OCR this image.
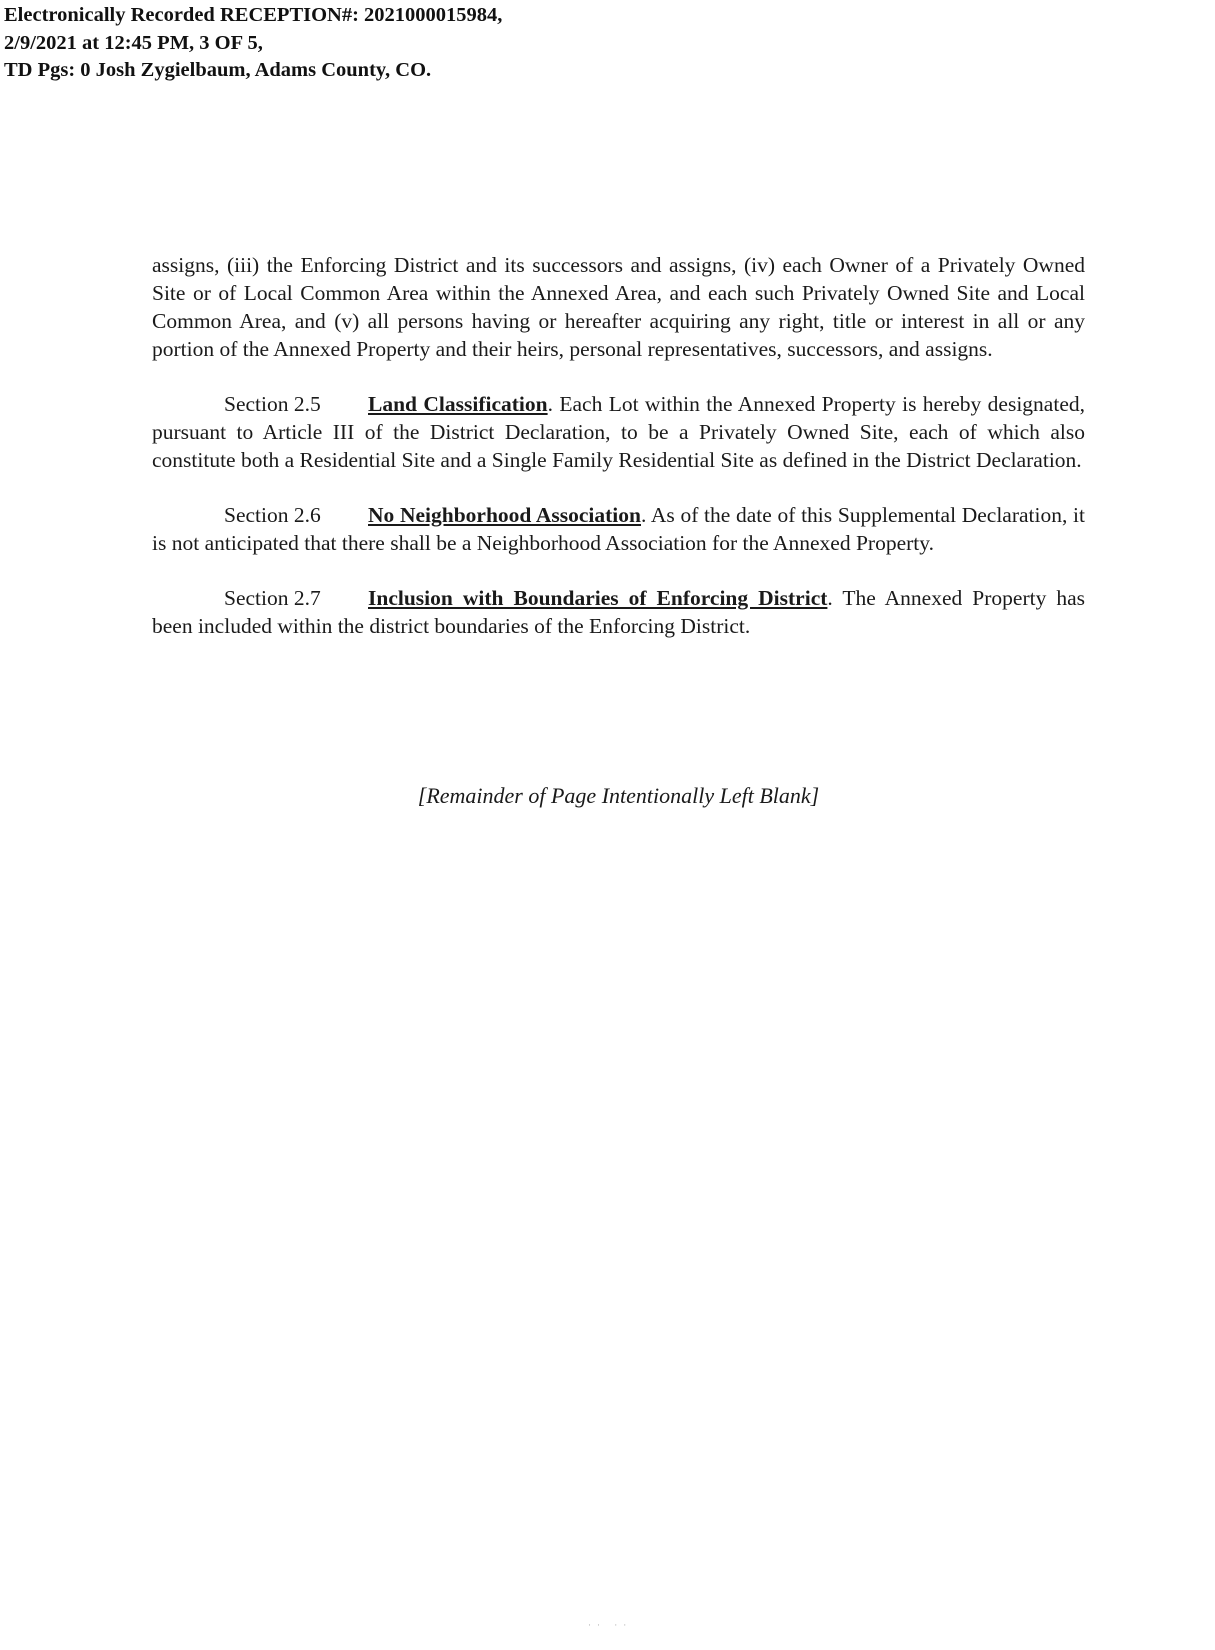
Electronically Recorded RECEPTION#: 2021000015984,
2/9/2021 at 12:45 PM, 3 OF 5,
TD Pgs: 0 Josh Zygielbaum, Adams County, CO.

assigns, (iii) the Enforcing District and its successors and assigns, (iv) each Owner of a Privately Owned Site or of Local Common Area within the Annexed Area, and each such Privately Owned Site and Local Common Area, and (v) all persons having or hereafter acquiring any right, title or interest in all or any portion of the Annexed Property and their heirs, personal representatives, successors, and assigns.

Section 2.5 Land Classification. Each Lot within the Annexed Property is hereby designated, pursuant to Article III of the District Declaration, to be a Privately Owned Site, each of which also constitute both a Residential Site and a Single Family Residential Site as defined in the District Declaration.

Section 2.6 No Neighborhood Association. As of the date of this Supplemental Declaration, it is not anticipated that there shall be a Neighborhood Association for the Annexed Property.

Section 2.7 Inclusion with Boundaries of Enforcing District. The Annexed Property has been included within the district boundaries of the Enforcing District.

[Remainder of Page Intentionally Left Blank]
·· ··
